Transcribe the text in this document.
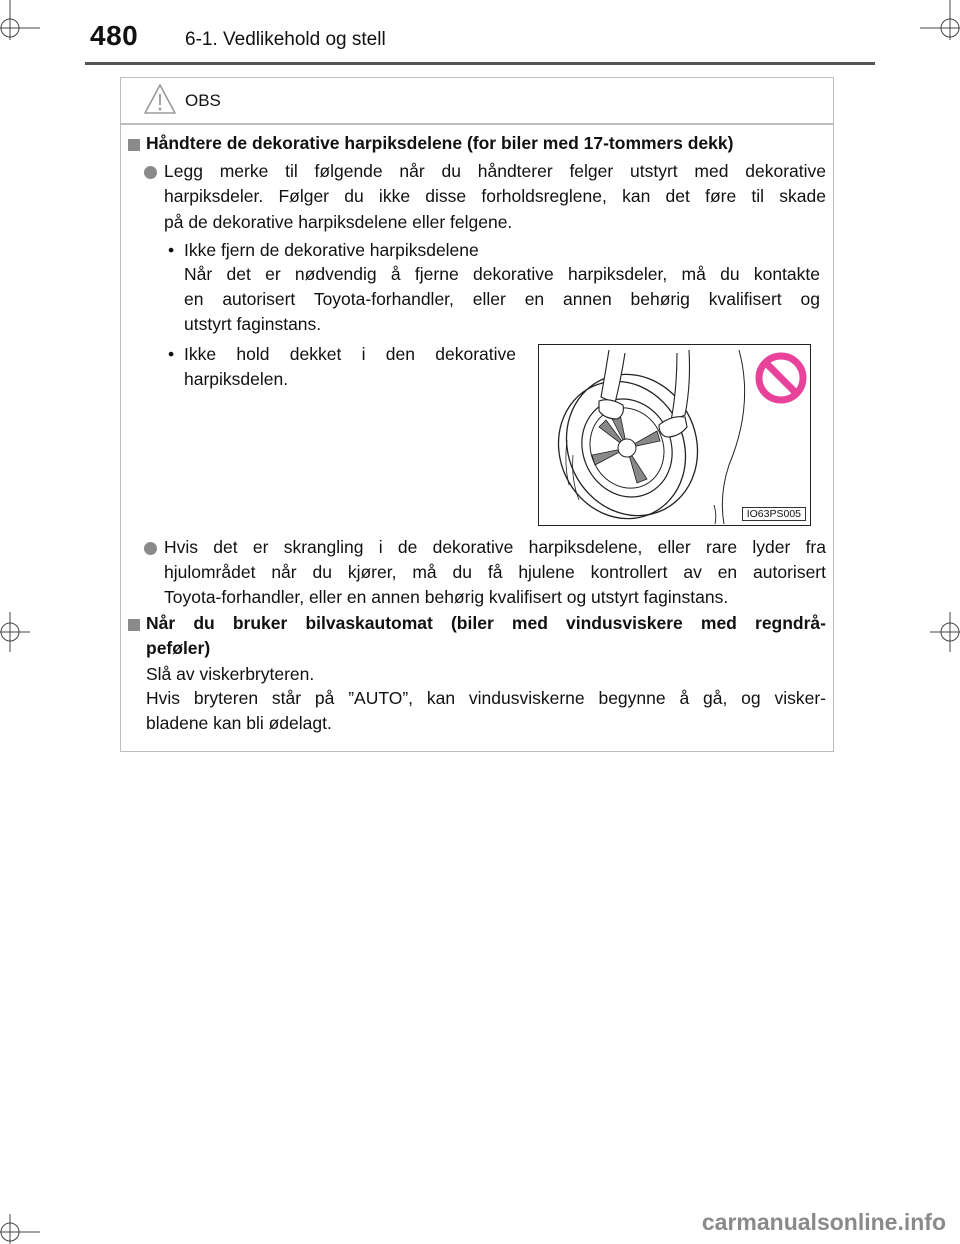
480 6-1. Vedlikehold og stell
OBS
Håndtere de dekorative harpiksdelene (for biler med 17-tommers dekk)
Legg merke til følgende når du håndterer felger utstyrt med dekorative
harpiksdeler. Følger du ikke disse forholdsreglene, kan det føre til skade
på de dekorative harpiksdelene eller felgene.
• Ikke fjern de dekorative harpiksdelene
Når det er nødvendig å fjerne dekorative harpiksdeler, må du kontakte
en autorisert Toyota-forhandler, eller en annen behørig kvalifisert og
utstyrt faginstans.
• Ikke hold dekket i den dekorative
harpiksdelen.
IO63PS005
Hvis det er skrangling i de dekorative harpiksdelene, eller rare lyder fra
hjulområdet når du kjører, må du få hjulene kontrollert av en autorisert
Toyota-forhandler, eller en annen behørig kvalifisert og utstyrt faginstans.
Når du bruker bilvaskautomat (biler med vindusviskere med regndrå-
peføler)
Slå av viskerbryteren.
Hvis bryteren står på ”AUTO”, kan vindusviskerne begynne å gå, og visker-
bladene kan bli ødelagt.
carmanualsonline.info
